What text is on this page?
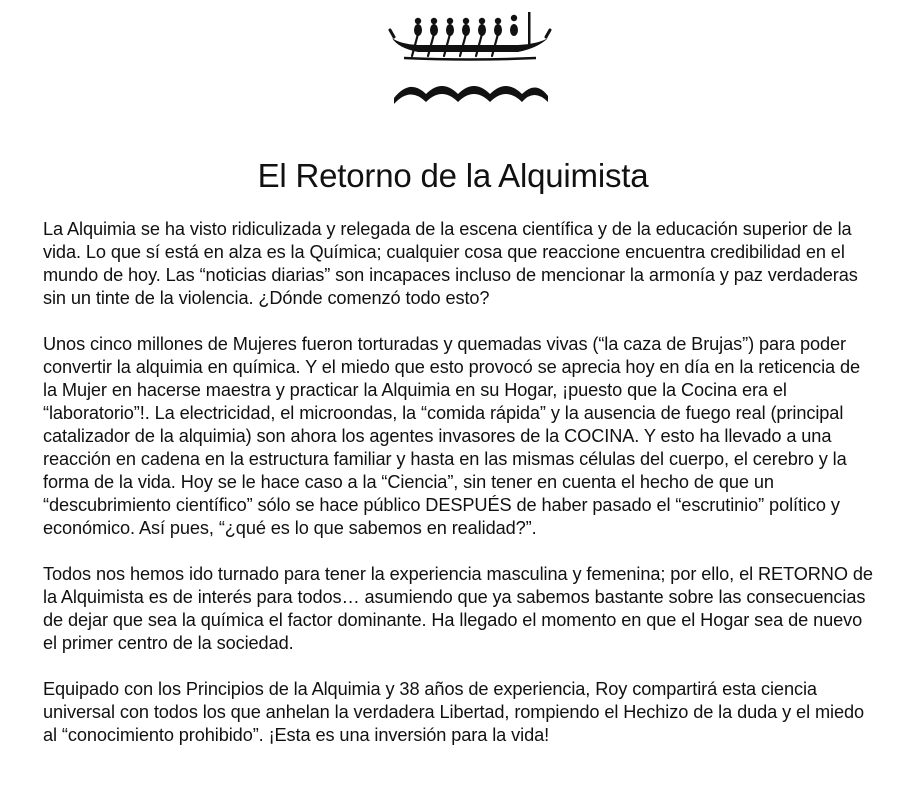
El Retorno de la Alquimista

La Alquimia se ha visto ridiculizada y relegada de la escena científica y de la educación superior de la vida. Lo que sí está en alza es la Química; cualquier cosa que reaccione encuentra credibilidad en el mundo de hoy. Las “noticias diarias” son incapaces incluso de mencionar la armonía y paz verdaderas sin un tinte de la violencia. ¿Dónde comenzó todo esto?

Unos cinco millones de Mujeres fueron torturadas y quemadas vivas (“la caza de Brujas”) para poder convertir la alquimia en química. Y el miedo que esto provocó se aprecia hoy en día en la reticencia de la Mujer en hacerse maestra y practicar la Alquimia en su Hogar, ¡puesto que la Cocina era el “laboratorio”!. La electricidad, el microondas, la “comida rápida” y la ausencia de fuego real (principal catalizador de la alquimia) son ahora los agentes invasores de la COCINA. Y esto ha llevado a una reacción en cadena en la estructura familiar y hasta en las mismas células del cuerpo, el cerebro y la forma de la vida. Hoy se le hace caso a la “Ciencia”, sin tener en cuenta el hecho de que un “descubrimiento científico” sólo se hace público DESPUÉS de haber pasado el “escrutinio” político y económico. Así pues, “¿qué es lo que sabemos en realidad?”.

Todos nos hemos ido turnado para tener la experiencia masculina y femenina; por ello, el RETORNO de la Alquimista es de interés para todos… asumiendo que ya sabemos bastante sobre las consecuencias de dejar que sea la química el factor dominante. Ha llegado el momento en que el Hogar sea de nuevo el primer centro de la sociedad.

Equipado con los Principios de la Alquimia y 38 años de experiencia, Roy compartirá esta ciencia universal con todos los que anhelan la verdadera Libertad, rompiendo el Hechizo de la duda y el miedo al “conocimiento prohibido”. ¡Esta es una inversión para la vida!
